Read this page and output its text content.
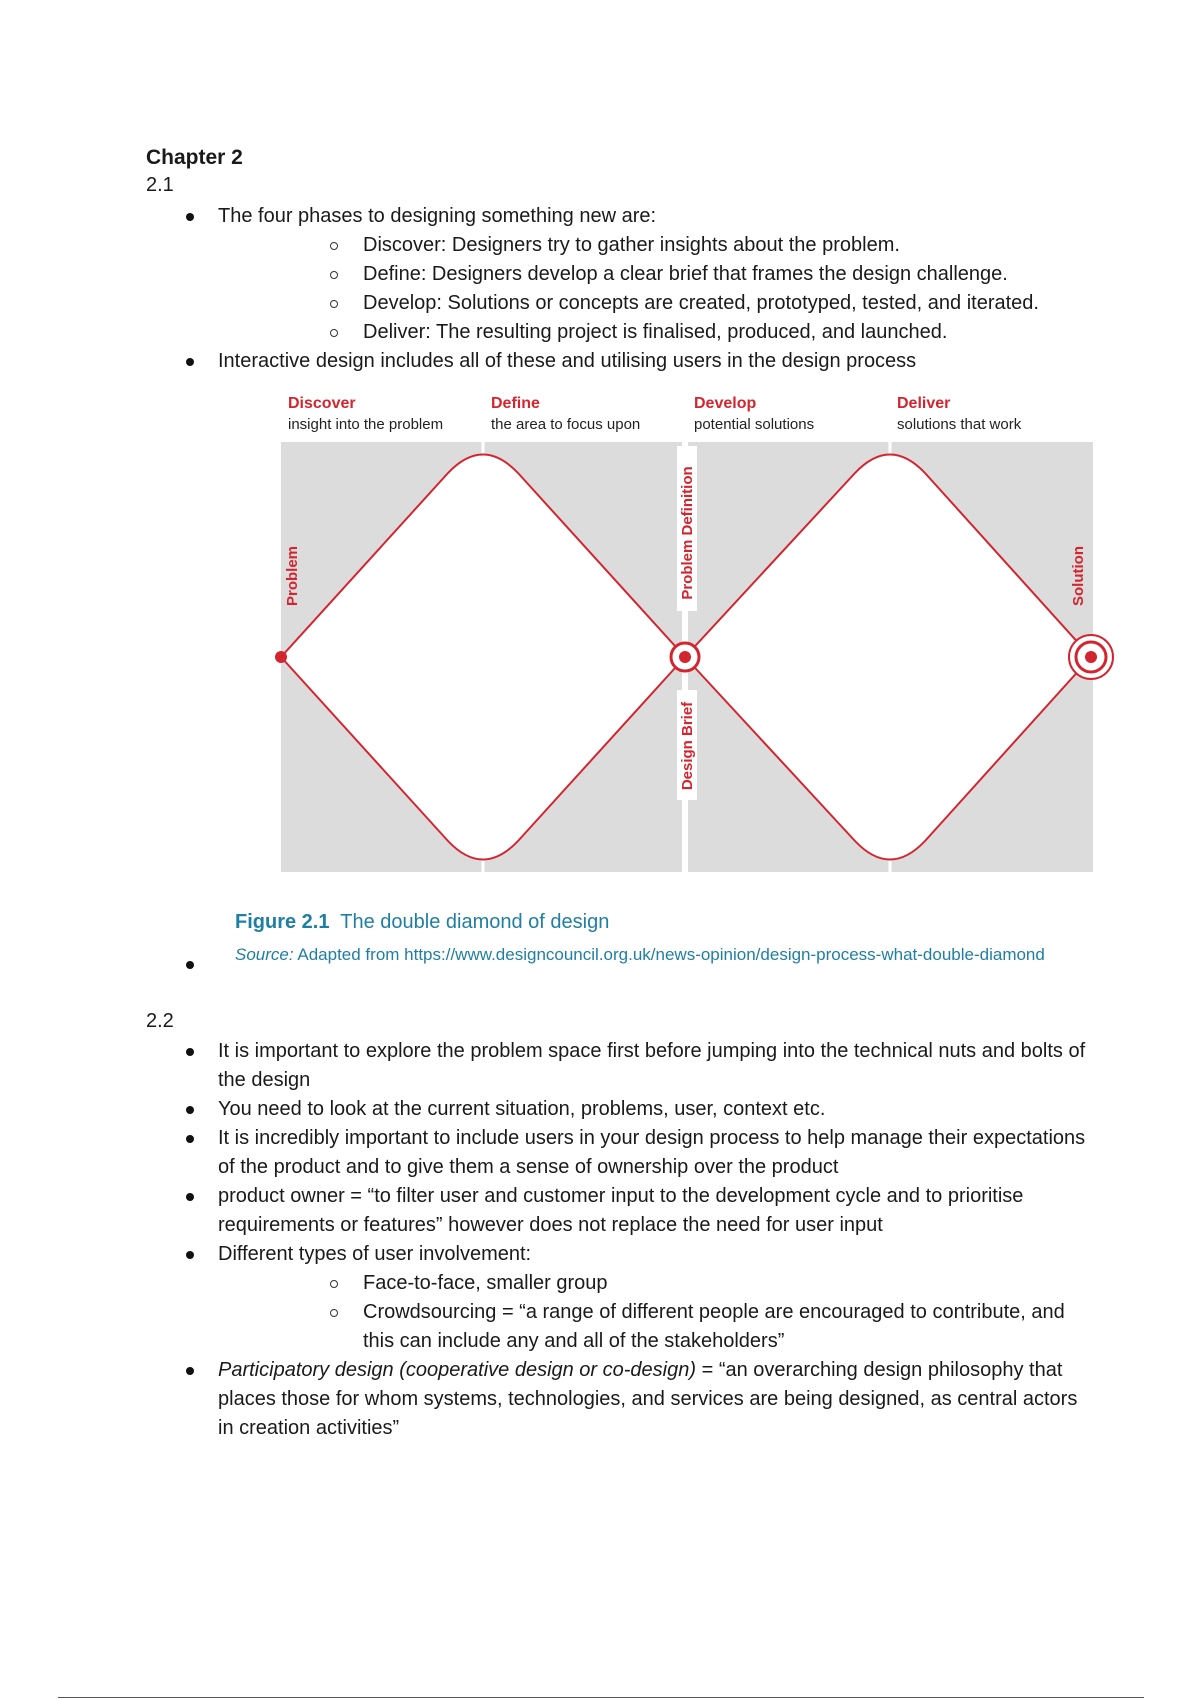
Chapter 2
2.1
The four phases to designing something new are:
Discover: Designers try to gather insights about the problem.
Define: Designers develop a clear brief that frames the design challenge.
Develop: Solutions or concepts are created, prototyped, tested, and iterated.
Deliver: The resulting project is finalised, produced, and launched.
Interactive design includes all of these and utilising users in the design process
Discover
insight into the problem
Define
the area to focus upon
Develop
potential solutions
Deliver
solutions that work
Problem	Problem Definition
Design Brief
Solution
Figure 2.1 The double diamond of design
Source: Adapted from https://www.designcouncil.org.uk/news-opinion/design-process-what-double-diamond
2.2
It is important to explore the problem space first before jumping into the technical nuts and bolts of the design
You need to look at the current situation, problems, user, context etc.
It is incredibly important to include users in your design process to help manage their expectations of the product and to give them a sense of ownership over the product
product owner = “to filter user and customer input to the development cycle and to prioritise requirements or features” however does not replace the need for user input
Different types of user involvement:
Face-to-face, smaller group
Crowdsourcing = “a range of different people are encouraged to contribute, and this can include any and all of the stakeholders”
Participatory design (cooperative design or co-design) = “an overarching design philosophy that places those for whom systems, technologies, and services are being designed, as central actors in creation activities”
